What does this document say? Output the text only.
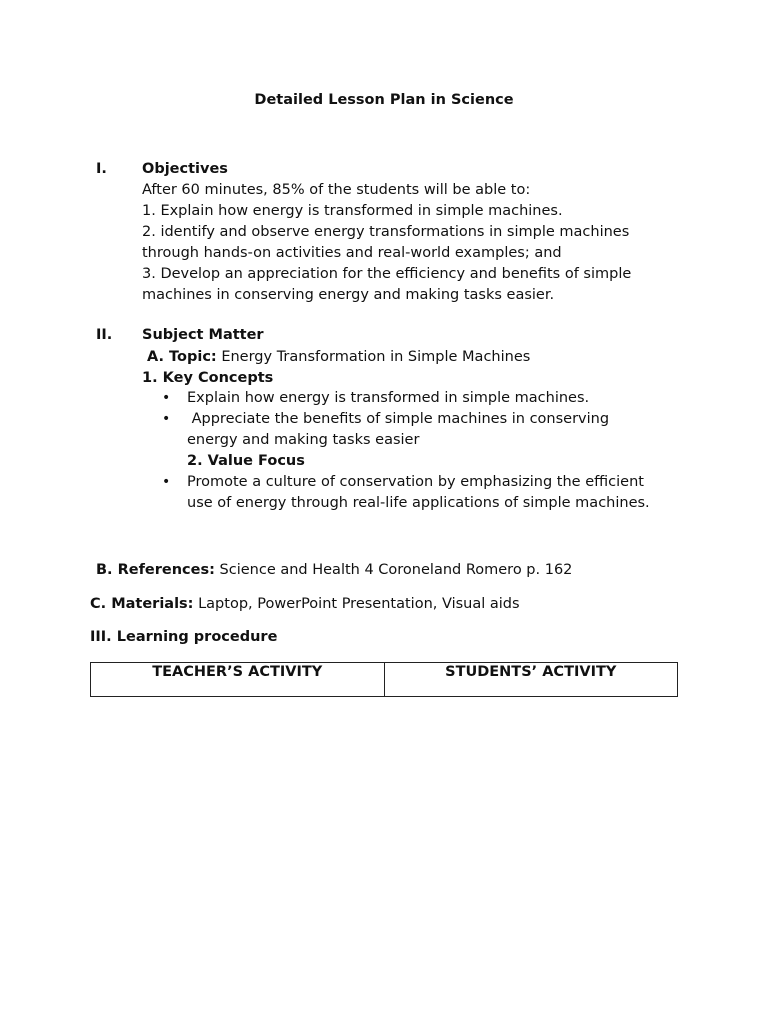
Detailed Lesson Plan in Science
I. Objectives
After 60 minutes, 85% of the students will be able to:
1. Explain how energy is transformed in simple machines.
2. identify and observe energy transformations in simple machines
through hands-on activities and real-world examples; and
3. Develop an appreciation for the efficiency and benefits of simple
machines in conserving energy and making tasks easier.
II. Subject Matter
A. Topic: Energy Transformation in Simple Machines
1. Key Concepts
• Explain how energy is transformed in simple machines.
• Appreciate the benefits of simple machines in conserving
energy and making tasks easier
2. Value Focus
• Promote a culture of conservation by emphasizing the efficient
use of energy through real-life applications of simple machines.
B. References: Science and Health 4 Coroneland Romero p. 162
C. Materials: Laptop, PowerPoint Presentation, Visual aids
III. Learning procedure
TEACHER’S ACTIVITY	STUDENTS’ ACTIVITY
